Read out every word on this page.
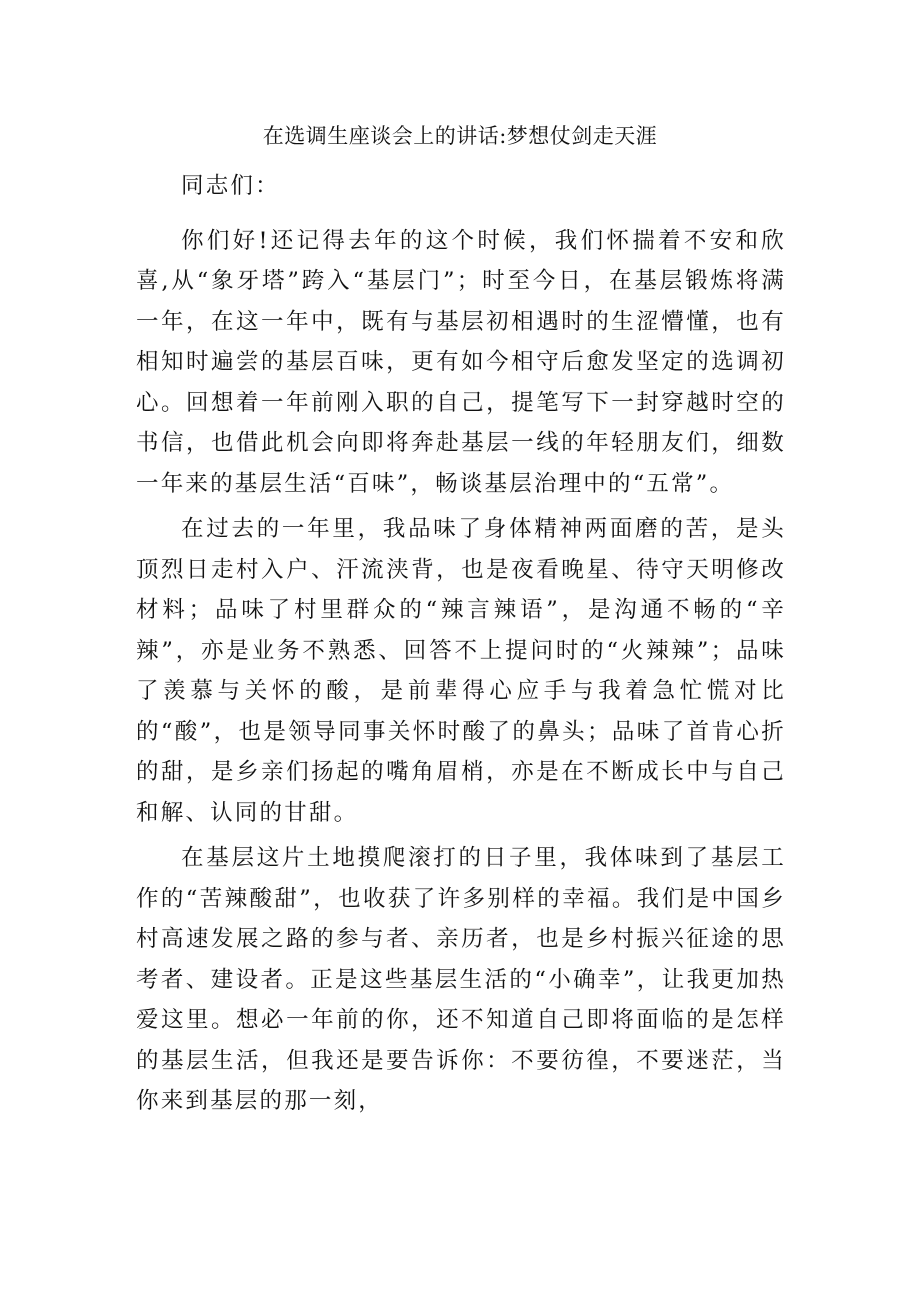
在选调生座谈会上的讲话:梦想仗剑走天涯

同志们：

你们好!还记得去年的这个时候，我们怀揣着不安和欣喜,从“象牙塔”跨入“基层门”；时至今日，在基层锻炼将满一年，在这一年中，既有与基层初相遇时的生涩懵懂，也有相知时遍尝的基层百味，更有如今相守后愈发坚定的选调初心。回想着一年前刚入职的自己，提笔写下一封穿越时空的书信，也借此机会向即将奔赴基层一线的年轻朋友们，细数一年来的基层生活“百味”，畅谈基层治理中的“五常”。

在过去的一年里，我品味了身体精神两面磨的苦，是头顶烈日走村入户、汗流浃背，也是夜看晚星、待守天明修改材料；品味了村里群众的“辣言辣语”，是沟通不畅的“辛辣”，亦是业务不熟悉、回答不上提问时的“火辣辣”；品味了羡慕与关怀的酸，是前辈得心应手与我着急忙慌对比的“酸”，也是领导同事关怀时酸了的鼻头；品味了首肯心折的甜，是乡亲们扬起的嘴角眉梢，亦是在不断成长中与自己和解、认同的甘甜。

在基层这片土地摸爬滚打的日子里，我体味到了基层工作的“苦辣酸甜”，也收获了许多别样的幸福。我们是中国乡村高速发展之路的参与者、亲历者，也是乡村振兴征途的思考者、建设者。正是这些基层生活的“小确幸”，让我更加热爱这里。想必一年前的你，还不知道自己即将面临的是怎样的基层生活，但我还是要告诉你：不要彷徨，不要迷茫，当你来到基层的那一刻，
